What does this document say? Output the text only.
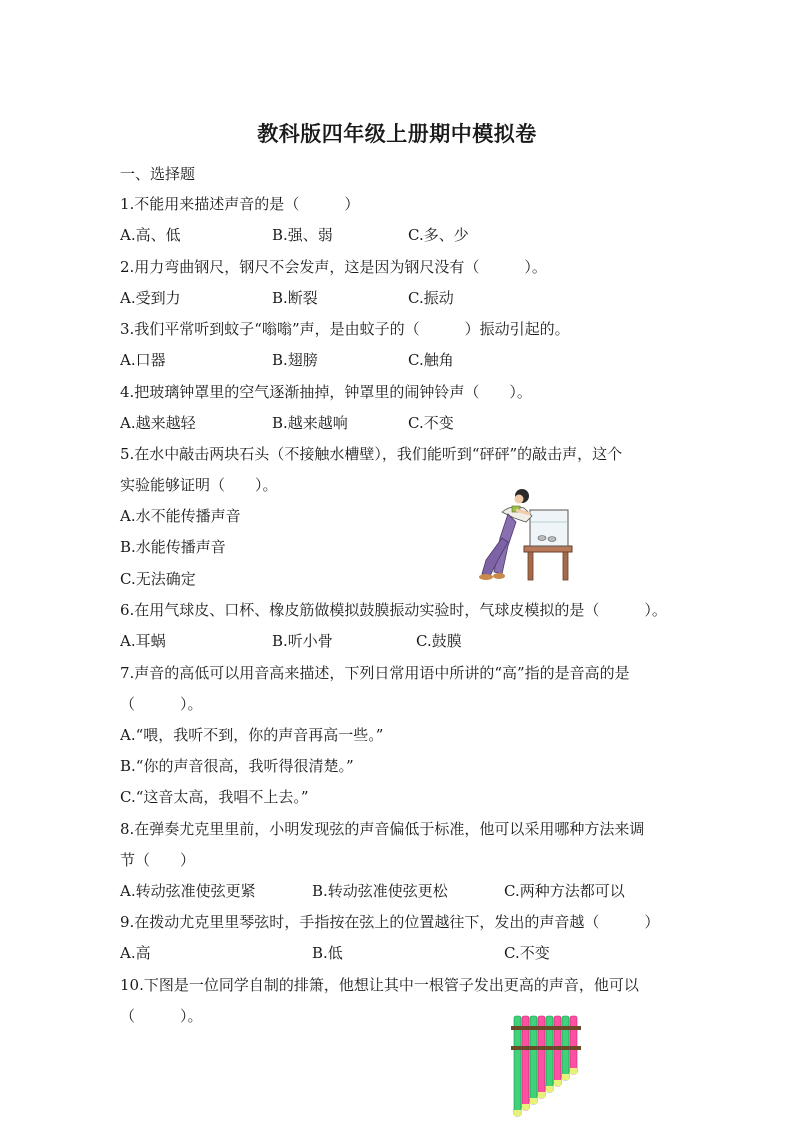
教科版四年级上册期中模拟卷
一、选择题
1.不能用来描述声音的是（　　　）
A.高、低	B.强、弱	C.多、少
2.用力弯曲钢尺，钢尺不会发声，这是因为钢尺没有（　　　）。
A.受到力	B.断裂	C.振动
3.我们平常听到蚊子“嗡嗡”声，是由蚊子的（　　　）振动引起的。
A.口器	B.翅膀	C.触角
4.把玻璃钟罩里的空气逐渐抽掉，钟罩里的闹钟铃声（　　）。
A.越来越轻	B.越来越响	C.不变
5.在水中敲击两块石头（不接触水槽壁），我们能听到“砰砰”的敲击声，这个
实验能够证明（　　）。
A.水不能传播声音
B.水能传播声音
C.无法确定
6.在用气球皮、口杯、橡皮筋做模拟鼓膜振动实验时，气球皮模拟的是（　　　）。
A.耳蜗	B.听小骨	C.鼓膜
7.声音的高低可以用音高来描述，下列日常用语中所讲的“高”指的是音高的是
（　　　）。
A.“喂，我听不到，你的声音再高一些。”
B.“你的声音很高，我听得很清楚。”
C.“这音太高，我唱不上去。”
8.在弹奏尤克里里前，小明发现弦的声音偏低于标准，他可以采用哪种方法来调
节（　　）
A.转动弦准使弦更紧	B.转动弦准使弦更松	C.两种方法都可以
9.在拨动尤克里里琴弦时，手指按在弦上的位置越往下，发出的声音越（　　　）
A.高	B.低	C.不变
10.下图是一位同学自制的排箫，他想让其中一根管子发出更高的声音，他可以
（　　　）。
